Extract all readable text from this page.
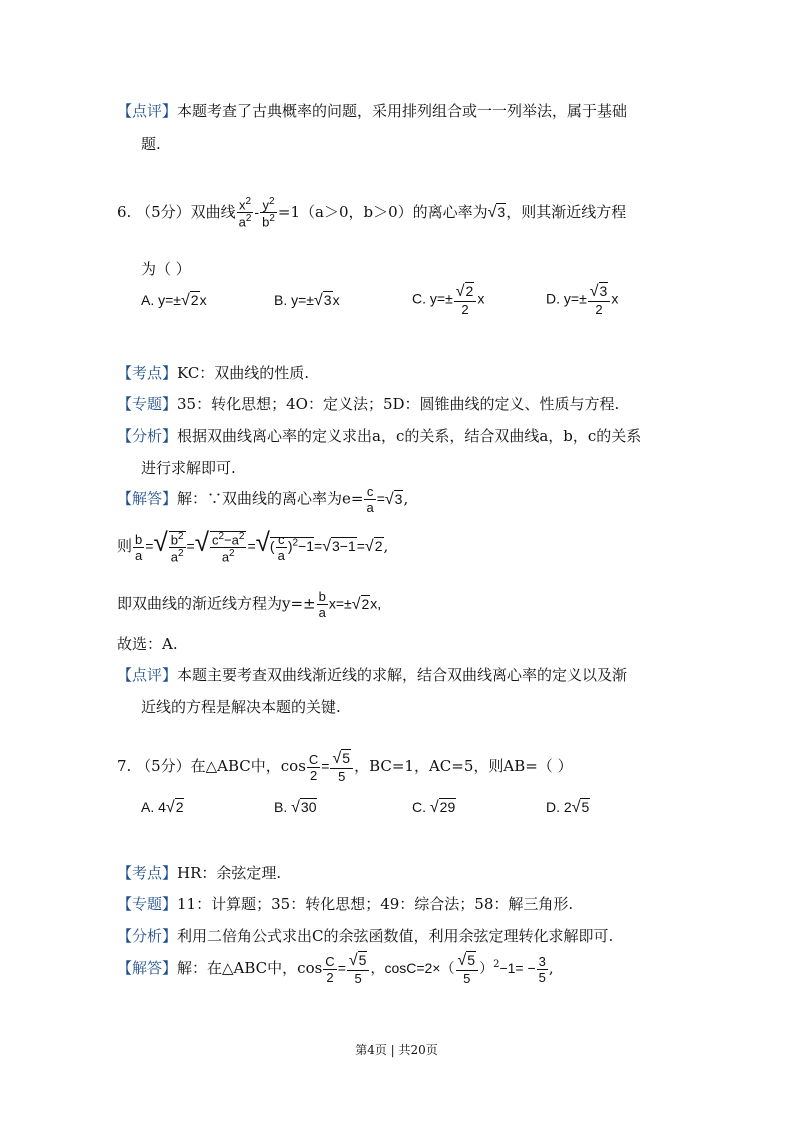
【点评】本题考查了古典概率的问题，采用排列组合或一一列举法，属于基础
题.
6. （5分）双曲线 $\frac{x^2}{a^2} - \frac{y^2}{b^2} =1(a>0$，b＞0）的离心率为√3，则其渐近线方程
为（ ）
A. y=±√2x	B. y=±√3x	C. $y=\pm \frac{√2}{2}$ x	D. $y=\pm \frac{√3}{2}$ x
【考点】KC：双曲线的性质.
【专题】35：转化思想；4O：定义法；5D：圆锥曲线的定义、性质与方程.
【分析】根据双曲线离心率的定义求出a，c的关系，结合双曲线a，b，c的关系
进行求解即可.
【解答】解：∵双曲线的离心率为$e= \frac{c}{a} =√3$,
则 $\frac{b}{a}$ =√ $\frac{b^2}{a^2}$ =√ $\frac{c^2-a^2}{a^2}$ =√( $\frac{c}{a} )^2-1=√3-1=√2$,
即双曲线的渐近线方程为$y=\pm \frac{b}{a} x=\pm√2x$,
故选：A.
【点评】本题主要考查双曲线渐近线的求解，结合双曲线离心率的定义以及渐
近线的方程是解决本题的关键.
7. （5分）在△ABC中，$\cos \frac{C}{2} = \frac{√5}{5}$ ，BC=1，AC=5，则AB=（ ）
A. 4√2	B. √30	C. √29	D. 2√5
【考点】HR：余弦定理.
【专题】11：计算题；35：转化思想；49：综合法；58：解三角形.
【分析】利用二倍角公式求出C的余弦函数值，利用余弦定理转化求解即可.
【解答】解：在△ABC中，$\cos \frac{C}{2} = \frac{√5}{5}$ ，$\cos C=2\times( \frac{√5}{5} )^2-1= - \frac{3}{5}$ ,
第4页 | 共20页
